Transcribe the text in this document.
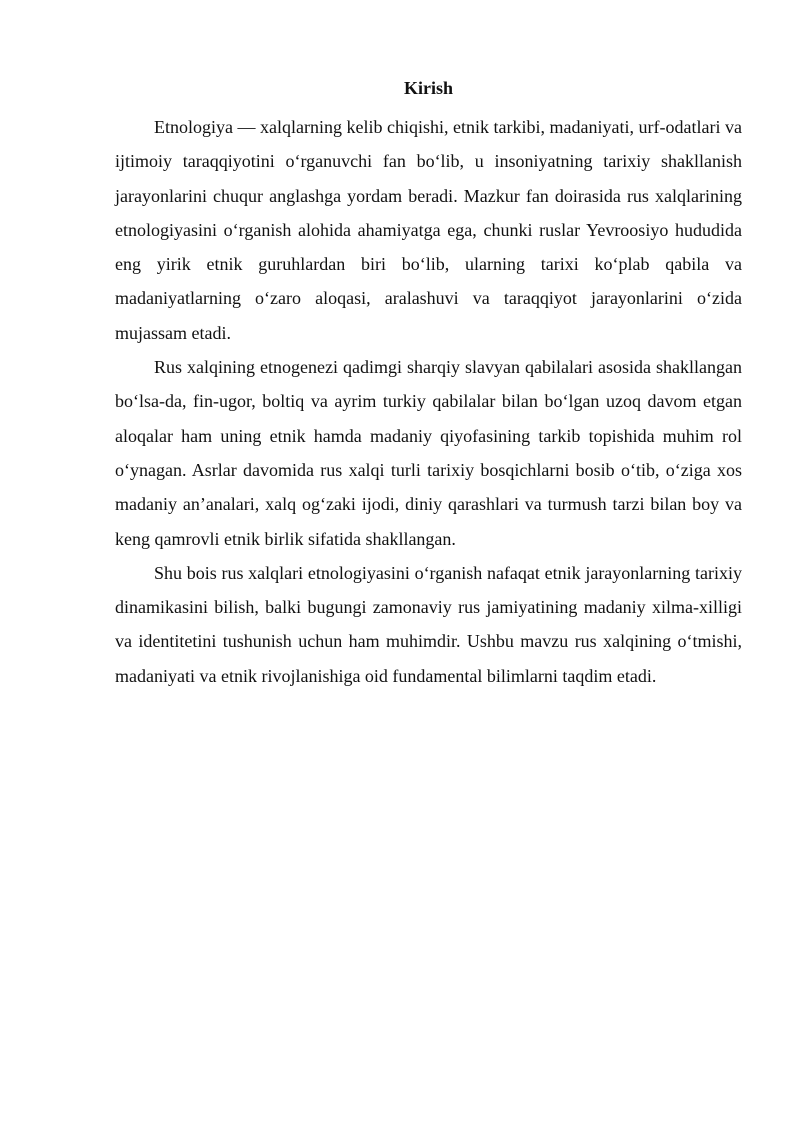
Kirish

Etnologiya — xalqlarning kelib chiqishi, etnik tarkibi, madaniyati, urf-odatlari va ijtimoiy taraqqiyotini o‘rganuvchi fan bo‘lib, u insoniyatning tarixiy shakllanish jarayonlarini chuqur anglashga yordam beradi. Mazkur fan doirasida rus xalqlarining etnologiyasini o‘rganish alohida ahamiyatga ega, chunki ruslar Yevroosiyo hududida eng yirik etnik guruhlardan biri bo‘lib, ularning tarixi ko‘plab qabila va madaniyatlarning o‘zaro aloqasi, aralashuvi va taraqqiyot jarayonlarini o‘zida mujassam etadi.

Rus xalqining etnogenezi qadimgi sharqiy slavyan qabilalari asosida shakllangan bo‘lsa-da, fin-ugor, boltiq va ayrim turkiy qabilalar bilan bo‘lgan uzoq davom etgan aloqalar ham uning etnik hamda madaniy qiyofasining tarkib topishida muhim rol o‘ynagan. Asrlar davomida rus xalqi turli tarixiy bosqichlarni bosib o‘tib, o‘ziga xos madaniy an’analari, xalq og‘zaki ijodi, diniy qarashlari va turmush tarzi bilan boy va keng qamrovli etnik birlik sifatida shakllangan.

Shu bois rus xalqlari etnologiyasini o‘rganish nafaqat etnik jarayonlarning tarixiy dinamikasini bilish, balki bugungi zamonaviy rus jamiyatining madaniy xilma-xilligi va identitetini tushunish uchun ham muhimdir. Ushbu mavzu rus xalqining o‘tmishi, madaniyati va etnik rivojlanishiga oid fundamental bilimlarni taqdim etadi.
